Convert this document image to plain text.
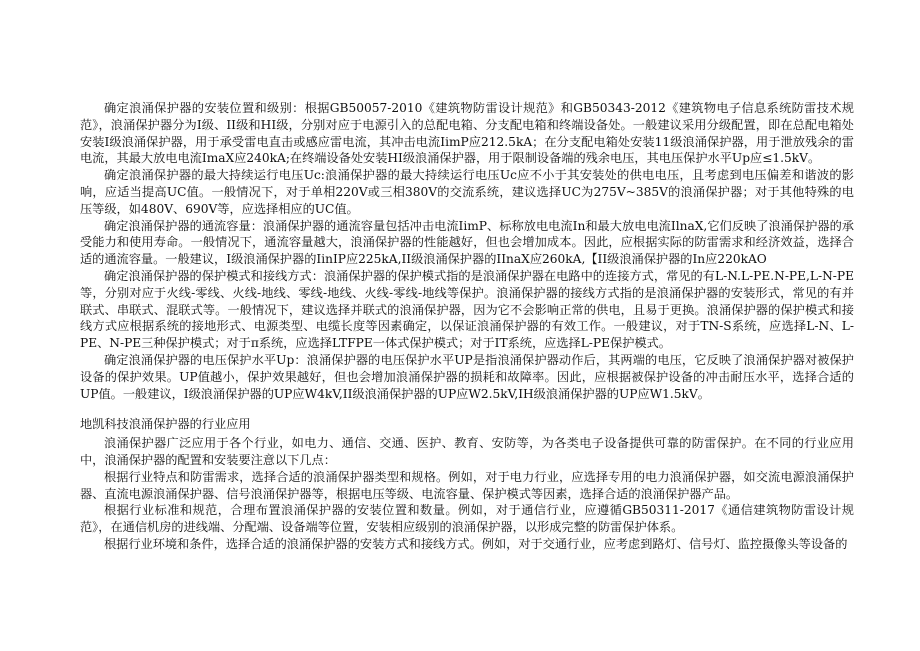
确定浪涌保护器的安装位置和级别：根据GB50057-2010《建筑物防雷设计规范》和GB50343-2012《建筑物电子信息系统防雷技术规范》，浪涌保护器分为Ⅰ级、II级和HI级，分别对应于电源引入的总配电箱、分支配电箱和终端设备处。一般建议采用分级配置，即在总配电箱处安装Ⅰ级浪涌保护器，用于承受雷电直击或感应雷电流，其冲击电流IimP应212.5kA；在分支配电箱处安装11级浪涌保护器，用于泄放残余的雷电流，其最大放电电流ImaX应240kA;在终端设备处安装HI级浪涌保护器，用于限制设备端的残余电压，其电压保护水平Up应≤1.5kV。

确定浪涌保护器的最大持续运行电压Uc:浪涌保护器的最大持续运行电压Uc应不小于其安装处的供电电压，且考虑到电压偏差和谐波的影响，应适当提高UC值。一般情况下，对于单相220V或三相380V的交流系统，建议选择UC为275V~385V的浪涌保护器；对于其他特殊的电压等级，如480V、690V等，应选择相应的UC值。

确定浪涌保护器的通流容量：浪涌保护器的通流容量包括冲击电流IimP、标称放电电流In和最大放电电流IlnaX,它们反映了浪涌保护器的承受能力和使用寿命。一般情况下，通流容量越大，浪涌保护器的性能越好，但也会增加成本。因此，应根据实际的防雷需求和经济效益，选择合适的通流容量。一般建议，Ⅰ级浪涌保护器的IinIP应225kA,II级浪涌保护器的IInaX应260kA,【II级浪涌保护器的In应220kAO

确定浪涌保护器的保护模式和接线方式：浪涌保护器的保护模式指的是浪涌保护器在电路中的连接方式，常见的有L-N.L-PE.N-PE,L-N-PE等，分别对应于火线-零线、火线-地线、零线-地线、火线-零线-地线等保护。浪涌保护器的接线方式指的是浪涌保护器的安装形式，常见的有并联式、串联式、混联式等。一般情况下，建议选择并联式的浪涌保护器，因为它不会影响正常的供电，且易于更换。浪涌保护器的保护模式和接线方式应根据系统的接地形式、电源类型、电缆长度等因素确定，以保证浪涌保护器的有效工作。一般建议，对于TN-S系统，应选择L-N、L-PE、N-PE三种保护模式；对于π系统，应选择LTFPE一体式保护模式；对于IT系统，应选择L-PE保护模式。

确定浪涌保护器的电压保护水平Up：浪涌保护器的电压保护水平UP是指浪涌保护器动作后，其两端的电压，它反映了浪涌保护器对被保护设备的保护效果。UP值越小，保护效果越好，但也会增加浪涌保护器的损耗和故障率。因此，应根据被保护设备的冲击耐压水平，选择合适的UP值。一般建议，Ⅰ级浪涌保护器的UP应W4kV,II级浪涌保护器的UP应W2.5kV,IH级浪涌保护器的UP应W1.5kV。

地凯科技浪涌保护器的行业应用

浪涌保护器广泛应用于各个行业，如电力、通信、交通、医护、教育、安防等，为各类电子设备提供可靠的防雷保护。在不同的行业应用中，浪涌保护器的配置和安装要注意以下几点：

根据行业特点和防雷需求，选择合适的浪涌保护器类型和规格。例如，对于电力行业，应选择专用的电力浪涌保护器，如交流电源浪涌保护器、直流电源浪涌保护器、信号浪涌保护器等，根据电压等级、电流容量、保护模式等因素，选择合适的浪涌保护器产品。

根据行业标准和规范，合理布置浪涌保护器的安装位置和数量。例如，对于通信行业，应遵循GB50311-2017《通信建筑物防雷设计规范》，在通信机房的进线端、分配端、设备端等位置，安装相应级别的浪涌保护器，以形成完整的防雷保护体系。

根据行业环境和条件，选择合适的浪涌保护器的安装方式和接线方式。例如，对于交通行业，应考虑到路灯、信号灯、监控摄像头等设备的
